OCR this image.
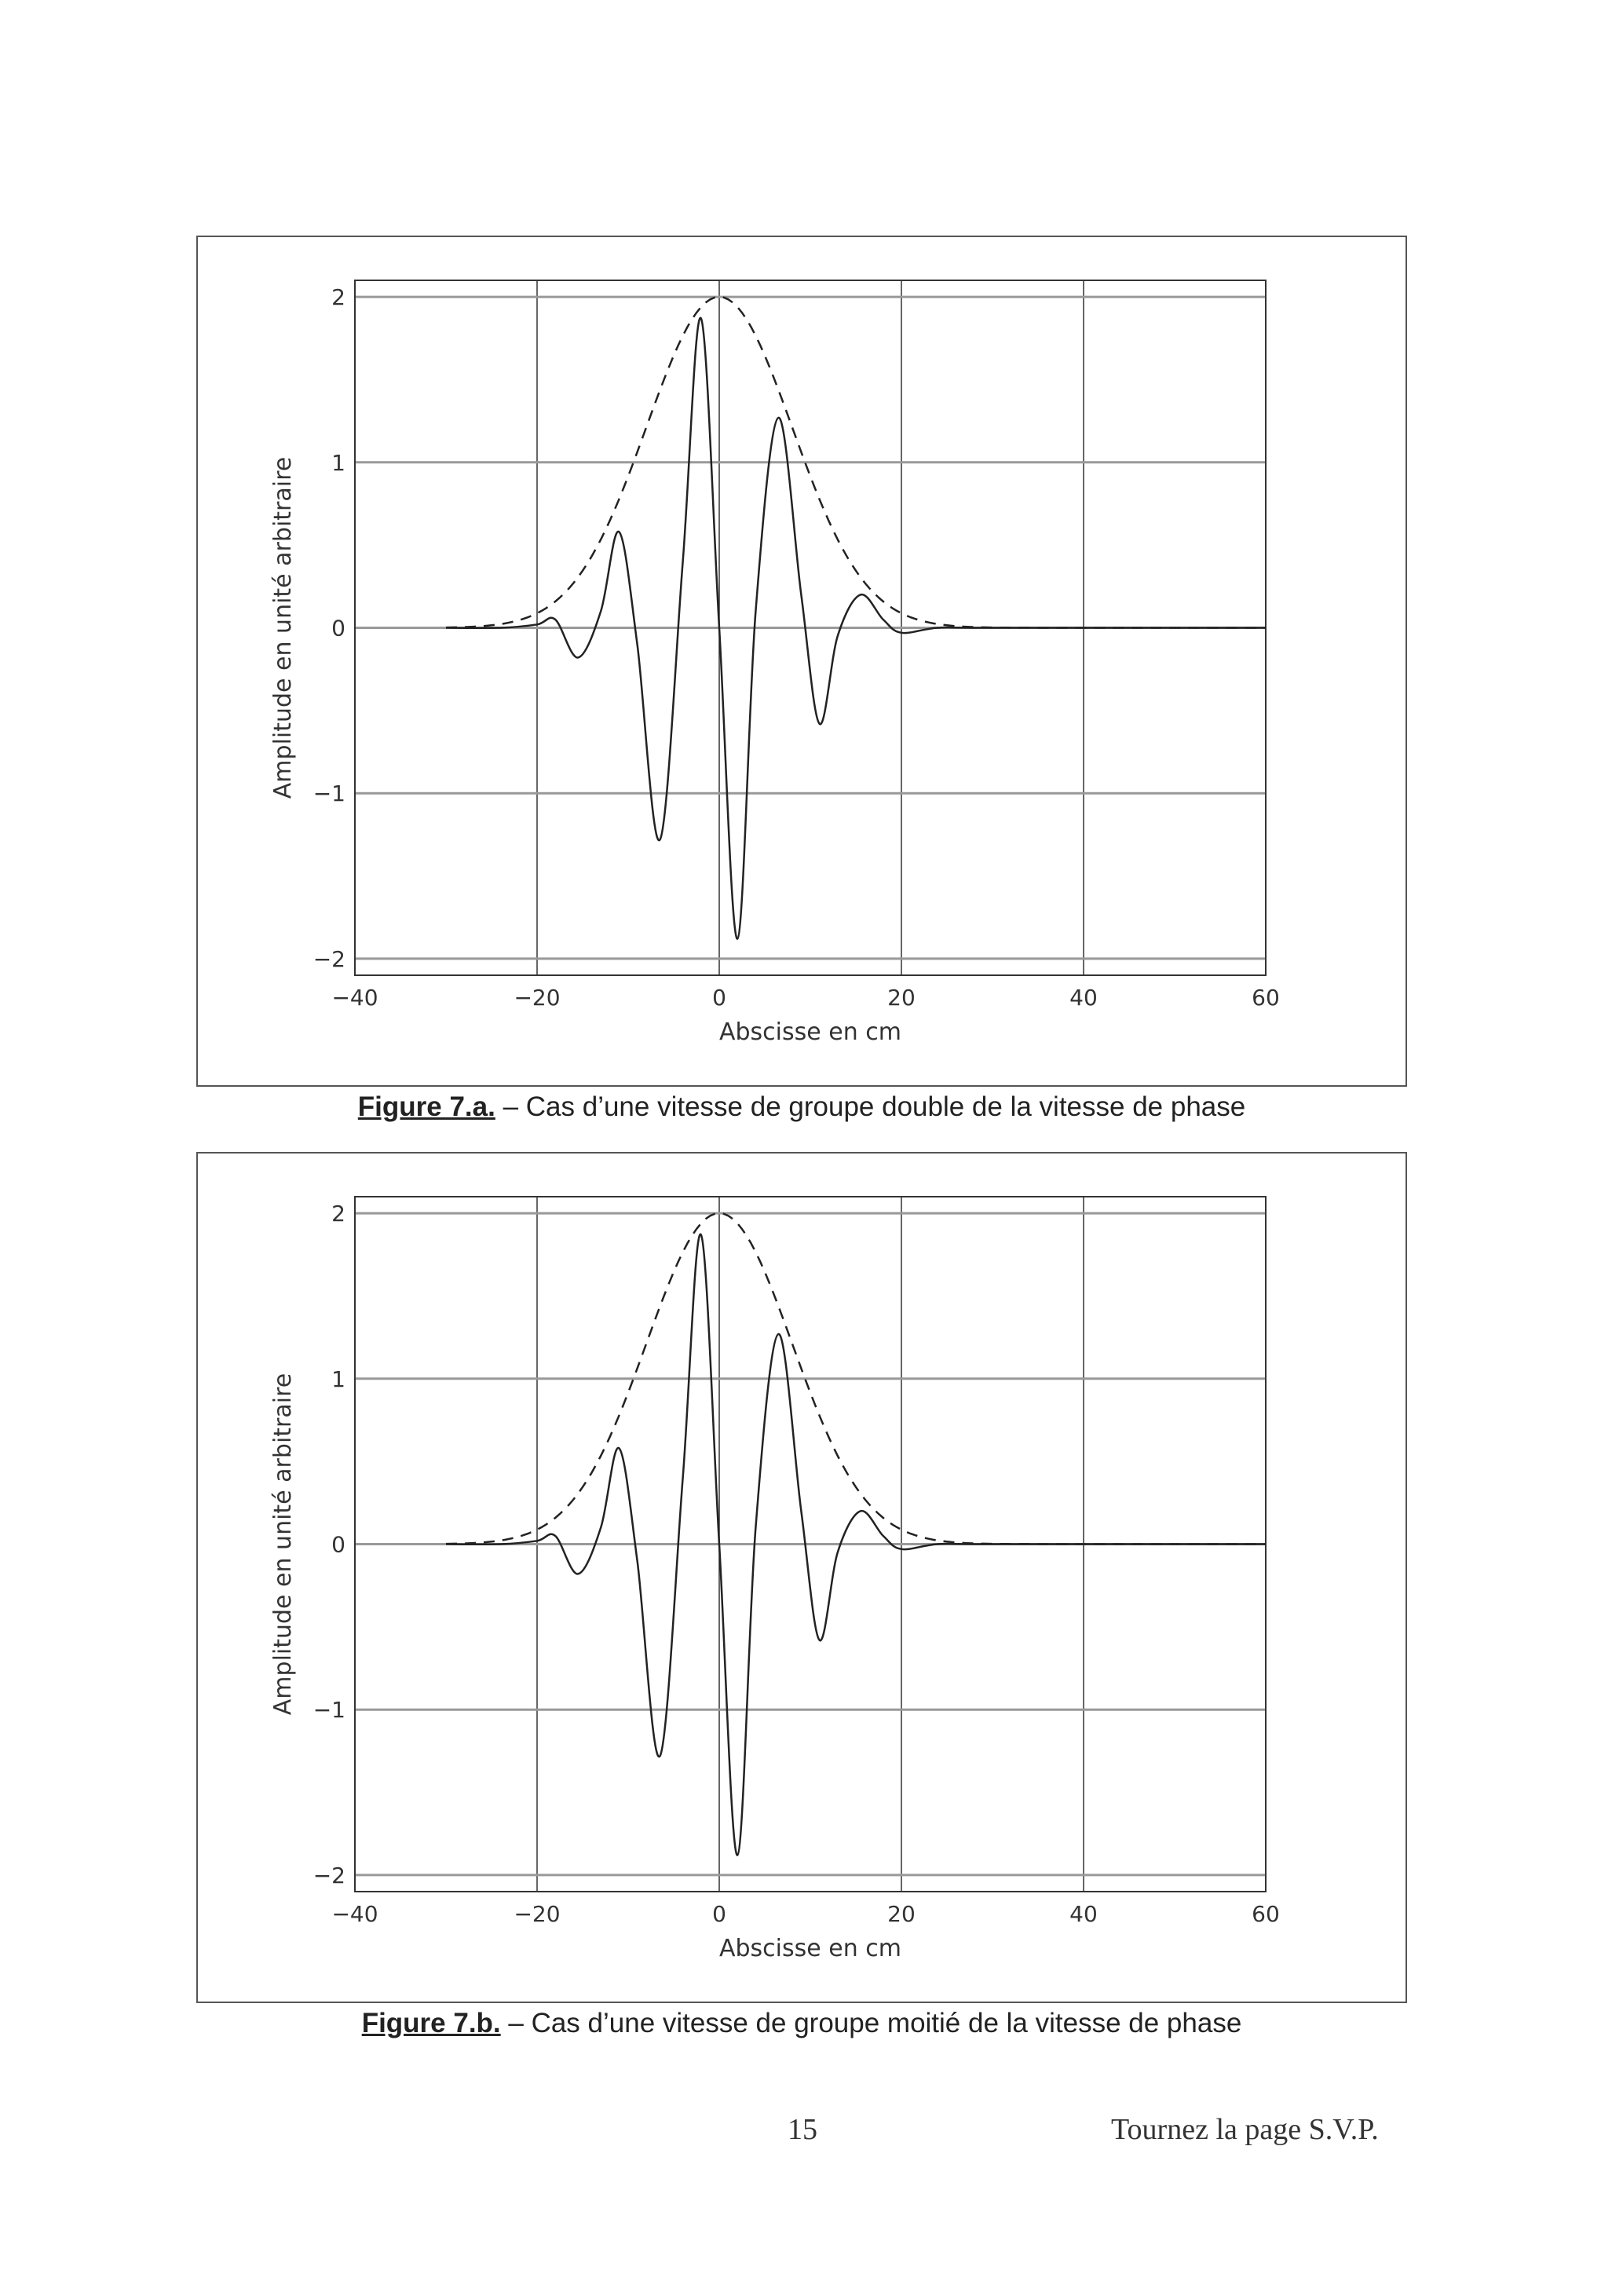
−40	−20	0	20	40	60
2
1
0
−1
−2
Abscisse en cm
Amplitude en unité arbitraire
Figure 7.a. – Cas d’une vitesse de groupe double de la vitesse de phase
−40	−20	0	20	40	60
2
1
0
−1
−2
Abscisse en cm
Amplitude en unité arbitraire
Figure 7.b. – Cas d’une vitesse de groupe moitié de la vitesse de phase
15	Tournez la page S.V.P.
